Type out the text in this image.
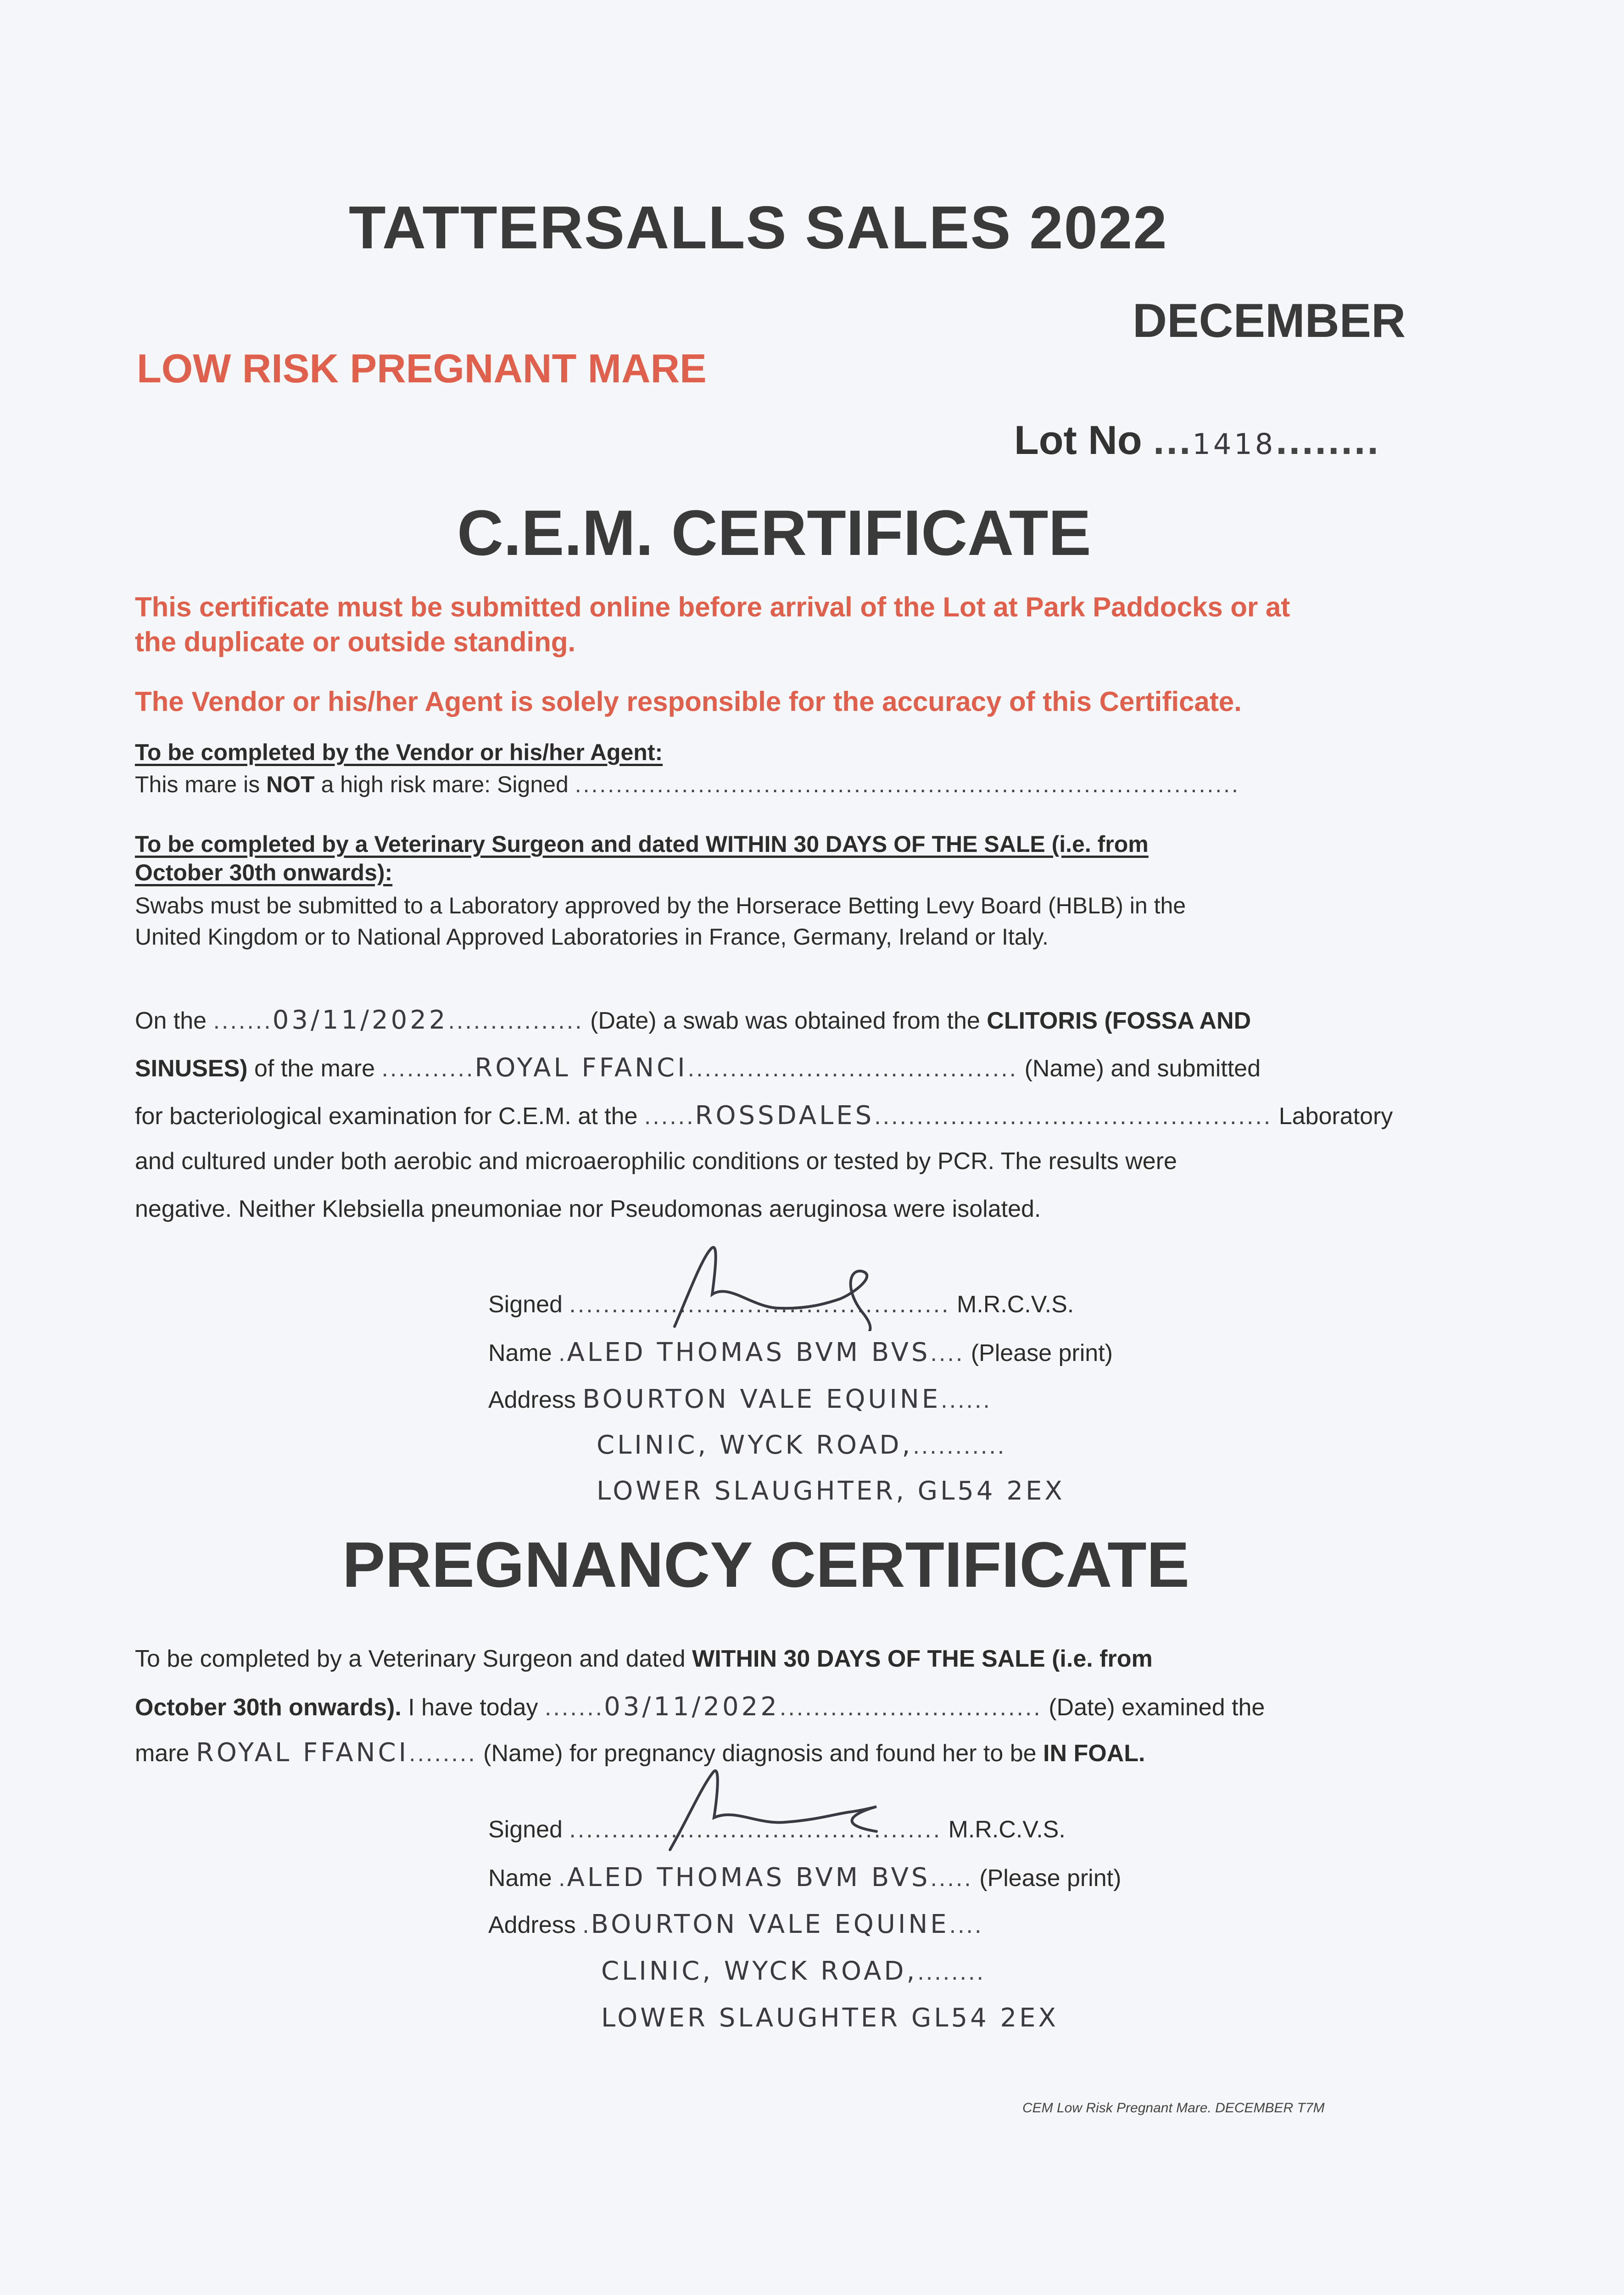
TATTERSALLS SALES 2022
DECEMBER
LOW RISK PREGNANT MARE
Lot No ...1418........
C.E.M. CERTIFICATE
This certificate must be submitted online before arrival of the Lot at Park Paddocks or at
the duplicate or outside standing.
The Vendor or his/her Agent is solely responsible for the accuracy of this Certificate.
To be completed by the Vendor or his/her Agent:
This mare is NOT a high risk mare: Signed .................................................................................
To be completed by a Veterinary Surgeon and dated WITHIN 30 DAYS OF THE SALE (i.e. from
October 30th onwards):
Swabs must be submitted to a Laboratory approved by the Horserace Betting Levy Board (HBLB) in the
United Kingdom or to National Approved Laboratories in France, Germany, Ireland or Italy.
On the .......03/11/2022................ (Date) a swab was obtained from the CLITORIS (FOSSA AND
SINUSES) of the mare ...........ROYAL FFANCI....................................... (Name) and submitted
for bacteriological examination for C.E.M. at the ......ROSSDALES............................................... Laboratory
and cultured under both aerobic and microaerophilic conditions or tested by PCR. The results were
negative. Neither Klebsiella pneumoniae nor Pseudomonas aeruginosa were isolated.
Signed ............................................. M.R.C.V.S.
Name .ALED THOMAS BVM BVS.... (Please print)
Address BOURTON VALE EQUINE......
CLINIC, WYCK ROAD,...........
LOWER SLAUGHTER, GL54 2EX
PREGNANCY CERTIFICATE
To be completed by a Veterinary Surgeon and dated WITHIN 30 DAYS OF THE SALE (i.e. from
October 30th onwards). I have today .......03/11/2022............................... (Date) examined the
mare ROYAL FFANCI........ (Name) for pregnancy diagnosis and found her to be IN FOAL.
Signed ............................................ M.R.C.V.S.
Name .ALED THOMAS BVM BVS..... (Please print)
Address .BOURTON VALE EQUINE....
CLINIC, WYCK ROAD,........
LOWER SLAUGHTER GL54 2EX
CEM Low Risk Pregnant Mare. DECEMBER T7M
